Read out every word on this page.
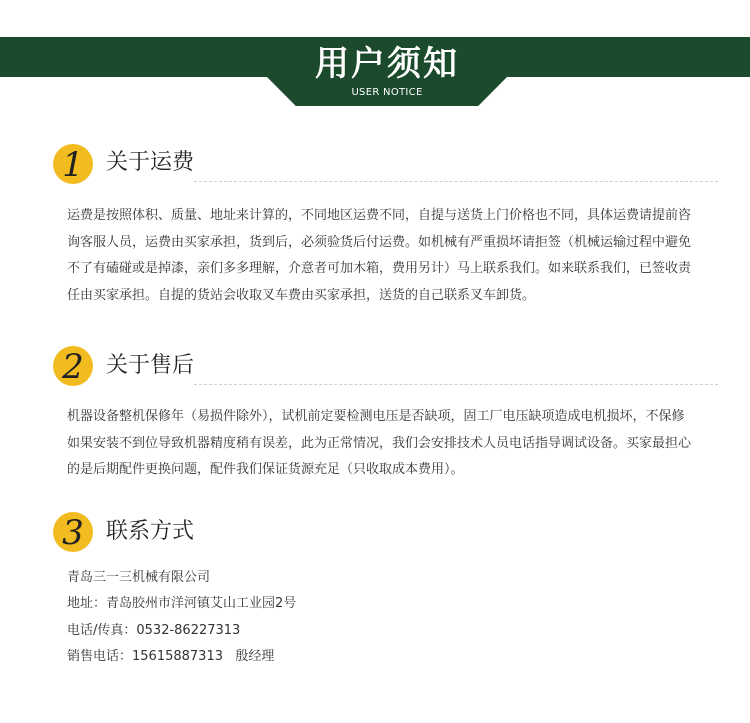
用户须知
USER NOTICE
1	关于运费
运费是按照体积、质量、地址来计算的，不同地区运费不同，自提与送货上门价格也不同，具体运费请提前咨
询客服人员，运费由买家承担，货到后，必须验货后付运费。如机械有严重损坏请拒签（机械运输过程中避免
不了有磕碰或是掉漆，亲们多多理解，介意者可加木箱，费用另计）马上联系我们。如来联系我们，已签收责
任由买家承担。自提的货站会收取叉车费由买家承担，送货的自己联系叉车卸货。
2	关于售后
机器设备整机保修年（易损件除外），试机前定要检测电压是否缺项，固工厂电压缺项造成电机损坏，不保修
如果安装不到位导致机器精度稍有误差，此为正常情况，我们会安排技术人员电话指导调试设备。买家最担心
的是后期配件更换问题，配件我们保证货源充足（只收取成本费用）。
3	联系方式
青岛三一三机械有限公司
地址：青岛胶州市洋河镇艾山工业园2号
电话/传真：0532-86227313
销售电话：15615887313   殷经理
